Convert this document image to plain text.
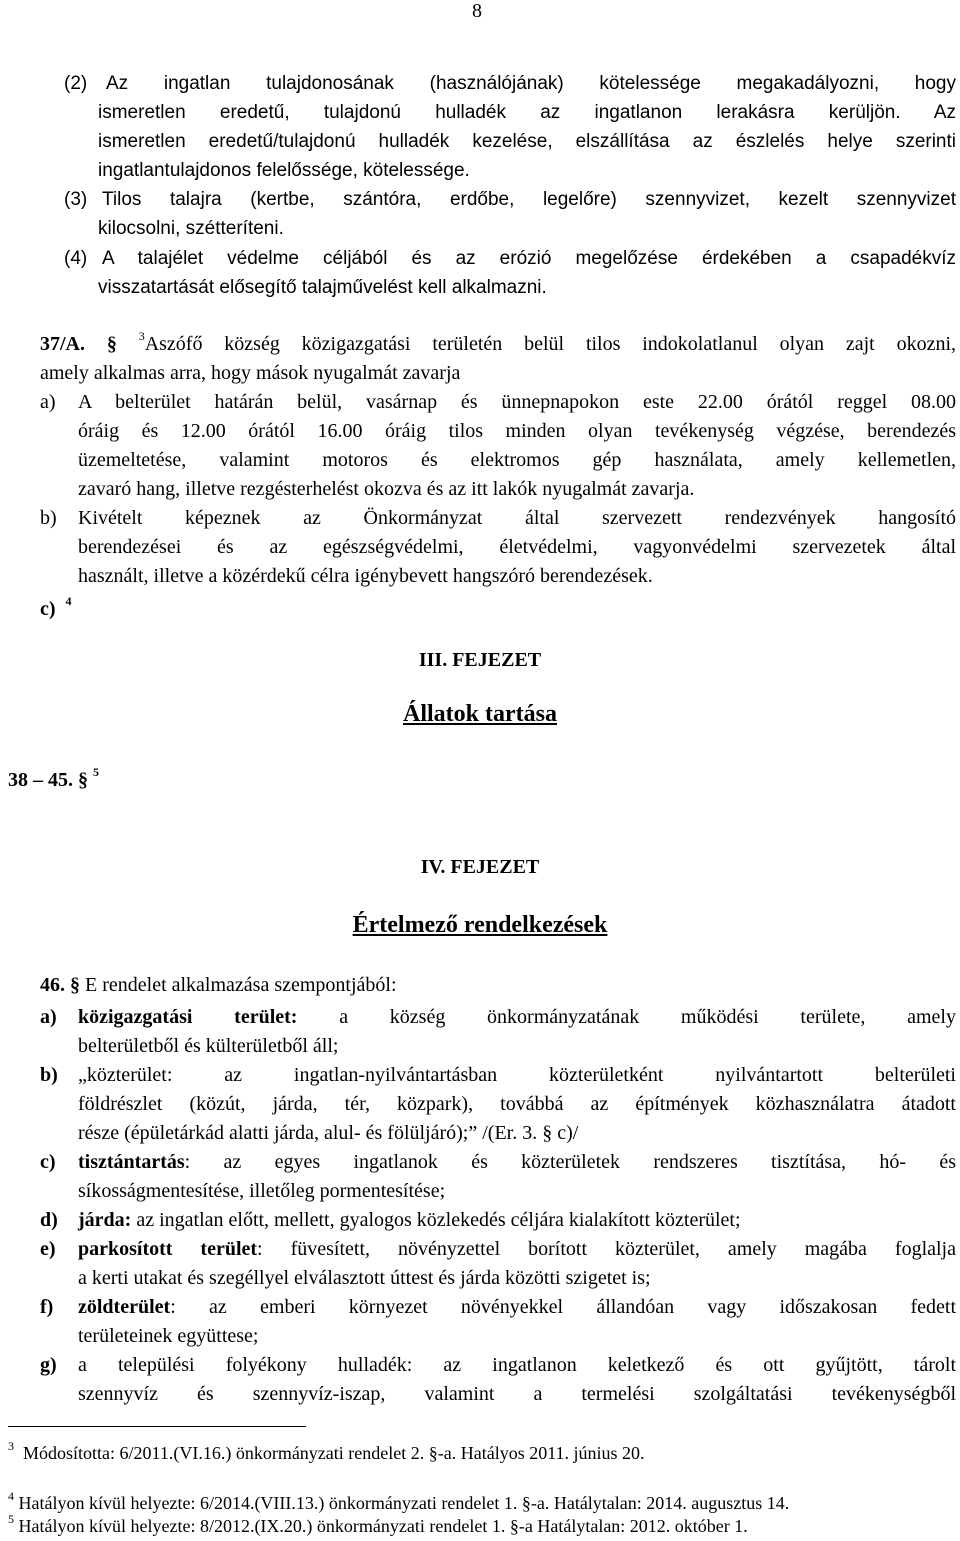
8
(2) Az ingatlan tulajdonosának (használójának) kötelessége megakadályozni, hogy
ismeretlen eredetű, tulajdonú hulladék az ingatlanon lerakásra kerüljön. Az
ismeretlen eredetű/tulajdonú hulladék kezelése, elszállítása az észlelés helye szerinti
ingatlantulajdonos felelőssége, kötelessége.
(3) Tilos talajra (kertbe, szántóra, erdőbe, legelőre) szennyvizet, kezelt szennyvizet
kilocsolni, szétteríteni.
(4) A talajélet védelme céljából és az erózió megelőzése érdekében a csapadékvíz
visszatartását elősegítő talajművelést kell alkalmazni.
37/A. § $^3$Aszófő község közigazgatási területén belül tilos indokolatlanul olyan zajt okozni,
amely alkalmas arra, hogy mások nyugalmát zavarja
a) A belterület határán belül, vasárnap és ünnepnapokon este 22.00 órától reggel 08.00
óráig és 12.00 órától 16.00 óráig tilos minden olyan tevékenység végzése, berendezés
üzemeltetése, valamint motoros és elektromos gép használata, amely kellemetlen,
zavaró hang, illetve rezgésterhelést okozva és az itt lakók nyugalmát zavarja.
b) Kivételt képeznek az Önkormányzat által szervezett rendezvények hangosító
berendezései és az egészségvédelmi, életvédelmi, vagyonvédelmi szervezetek által
használt, illetve a közérdekű célra igénybevett hangszóró berendezések.
c) $^4$
III. FEJEZET
Állatok tartása
38 – 45. § $^5$
IV. FEJEZET
Értelmező rendelkezések
46. § E rendelet alkalmazása szempontjából:
a) közigazgatási terület: a község önkormányzatának működési területe, amely
belterületből és külterületből áll;
b) „közterület: az ingatlan-nyilvántartásban közterületként nyilvántartott belterületi
földrészlet (közút, járda, tér, közpark), továbbá az építmények közhasználatra átadott
része (épületárkád alatti járda, alul- és fölüljáró);” /(Er. 3. § c)/
c) tisztántartás: az egyes ingatlanok és közterületek rendszeres tisztítása, hó- és
síkosságmentesítése, illetőleg pormentesítése;
d) járda: az ingatlan előtt, mellett, gyalogos közlekedés céljára kialakított közterület;
e) parkosított terület: füvesített, növényzettel borított közterület, amely magába foglalja
a kerti utakat és szegéllyel elválasztott úttest és járda közötti szigetet is;
f) zöldterület: az emberi környezet növényekkel állandóan vagy időszakosan fedett
területeinek együttese;
g) a települési folyékony hulladék: az ingatlanon keletkező és ott gyűjtött, tárolt
szennyvíz és szennyvíz-iszap, valamint a termelési szolgáltatási tevékenységből
$^3$ Módosította: 6/2011.(VI.16.) önkormányzati rendelet 2. §-a. Hatályos 2011. június 20.
$^4$ Hatályon kívül helyezte: 6/2014.(VIII.13.) önkormányzati rendelet 1. §-a. Hatálytalan: 2014. augusztus 14.
$^5$ Hatályon kívül helyezte: 8/2012.(IX.20.) önkormányzati rendelet 1. §-a Hatálytalan: 2012. október 1.
